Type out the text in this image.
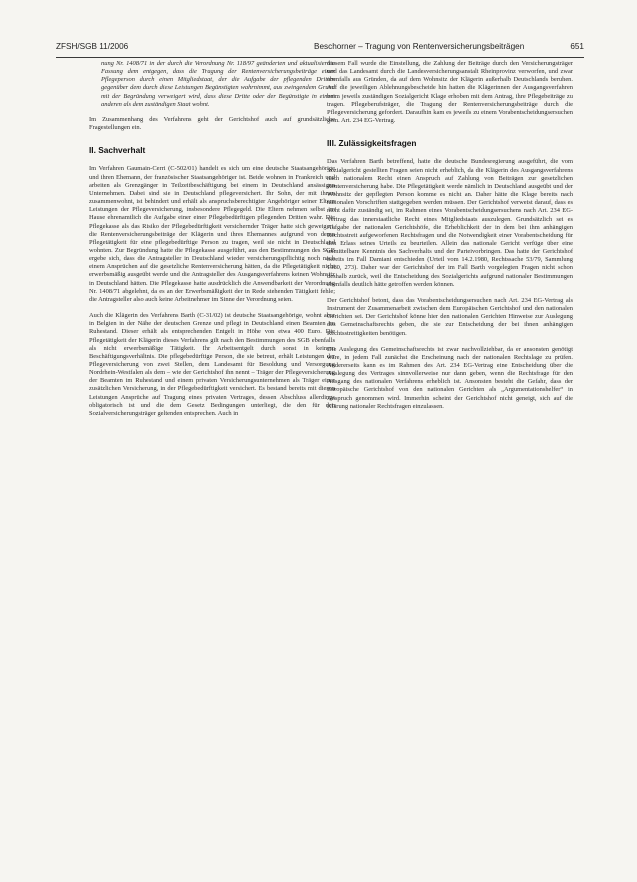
ZFSH/SGB 11/2006	Beschorner – Tragung von Rentenversicherungsbeiträgen	651

nung Nr. 1408/71 in der durch die Verordnung Nr. 118/97 geänderten und aktualisierten Fassung dem entgegen, dass die Tragung der Rentenversicherungsbeiträge einer Pflegeperson durch einen Mitgliedstaat, der die Aufgabe der pflegenden Dritten gegenüber dem durch diese Leistungen Begünstigten wahrnimmt, aus zwingendem Grund mit der Begründung verweigert wird, dass diese Dritte oder der Begünstigte in einem anderen als dem zuständigen Staat wohnt.

Im Zusammenhang des Verfahrens geht der Gerichtshof auch auf grundsätzliche Fragestellungen ein.

II. Sachverhalt

Im Verfahren Gaumain-Cerri (C-502/01) handelt es sich um eine deutsche Staatsangehörige und ihren Ehemann, der französischer Staatsangehöriger ist. Beide wohnen in Frankreich und arbeiten als Grenzgänger in Teilzeitbeschäftigung bei einem in Deutschland ansässigen Unternehmen. Dabei sind sie in Deutschland pflegeversichert. Ihr Sohn, der mit ihnen zusammenwohnt, ist behindert und erhält als anspruchsberechtigter Angehöriger seiner Eltern Leistungen der Pflegeversicherung, insbesondere Pflegegeld. Die Eltern nehmen selbst im Hause ehrenamtlich die Aufgabe einer einer Pflegebedürftigen pflegenden Dritten wahr. Die Pflegekasse als das Risiko der Pflegebedürftigkeit versichernder Träger hatte sich geweigert, die Rentenversicherungsbeiträge der Klägerin und ihres Ehemannes aufgrund von deren Pflegetätigkeit für eine pflegebedürftige Person zu tragen, weil sie nicht in Deutschland wohnten. Zur Begründung hatte die Pflegekasse ausgeführt, aus den Bestimmungen des SGB ergebe sich, dass die Antragsteller in Deutschland wieder versicherungspflichtig noch nach einem Ansprüchen auf die gesetzliche Rentenversicherung hätten, da die Pflegetätigkeit nicht erwerbsmäßig ausgeübt werde und die Antragsteller des Ausgangsverfahrens keinen Wohnsitz in Deutschland hätten. Die Pflegekasse hatte ausdrücklich die Anwendbarkeit der Verordnung Nr. 1408/71 abgelehnt, da es an der Erwerbsmäßigkeit der in Rede stehenden Tätigkeit fehle; die Antragsteller also auch keine Arbeitnehmer im Sinne der Verordnung seien.

Auch die Klägerin des Verfahrens Barth (C-31/02) ist deutsche Staatsangehörige, wohnt aber in Belgien in der Nähe der deutschen Grenze und pflegt in Deutschland einen Beamten im Ruhestand. Dieser erhält als entsprechenden Entgelt in Höhe von etwa 400 Euro. Die Pflegetätigkeit der Klägerin dieses Verfahrens gilt nach den Bestimmungen des SGB ebenfalls als nicht erwerbsmäßige Tätigkeit. Ihr Arbeitsentgelt durch sonst in keinem Beschäftigungsverhältnis. Die pflegebedürftige Person, die sie betreut, erhält Leistungen der Pflegeversicherung von zwei Stellen, dem Landesamt für Besoldung und Versorgung Nordrhein-Westfalen als dem – wie der Gerichtshof ihn nennt – Träger der Pflegeversicherung der Beamten im Ruhestand und einem privaten Versicherungsunternehmen als Träger einer zusätzlichen Versicherung, in der Pflegebedürftigkeit versichert. Es bestand bereits mit diesen Leistungen Ansprüche auf Tragung eines privaten Vertrages, dessen Abschluss allerdings obligatorisch ist und die dem Gesetz Bedingungen unterliegt, die den für den Sozialversicherungsträger geltenden entsprechen. Auch in

diesem Fall wurde die Einstellung, die Zahlung der Beiträge durch den Versicherungsträger und das Landesamt durch die Landesversicherungsanstalt Rheinprovinz verworfen, und zwar ebenfalls aus Gründen, da auf dem Wohnsitz der Klägerin außerhalb Deutschlands beruhen. Auf die jeweiligen Ablehnungsbescheide hin hatten die Klägerinnen der Ausgangsverfahren beim jeweils zuständigen Sozialgericht Klage erhoben mit dem Antrag, ihre Pflegebeiträge zu tragen. Pflegeberufsträger, die Tragung der Rentenversicherungsbeiträge durch die Pflegeversicherung gefordert. Daraufhin kam es jeweils zu einem Vorabentscheidungsersuchen gem. Art. 234 EG-Vertrag.

III. Zulässigkeitsfragen

Das Verfahren Barth betreffend, hatte die deutsche Bundesregierung ausgeführt, die vom Sozialgericht gestellten Fragen seien nicht erheblich, da die Klägerin des Ausgangsverfahrens nach nationalem Recht einen Anspruch auf Zahlung von Beiträgen zur gesetzlichen Rentenversicherung habe. Die Pflegetätigkeit werde nämlich in Deutschland ausgeübt und der Wohnsitz der gepflegten Person komme es nicht an. Daher hätte die Klage bereits nach nationalen Vorschriften stattgegeben werden müssen. Der Gerichtshof verweist darauf, dass es nicht dafür zuständig sei, im Rahmen eines Vorabentscheidungsersuchens nach Art. 234 EG-Vertrag das innerstaatliche Recht eines Mitgliedstaats auszulegen. Grundsätzlich sei es Aufgabe der nationalen Gerichtshöfe, die Erheblichkeit der in dem bei ihm anhängigen Rechtsstreit aufgeworfenen Rechtsfragen und die Notwendigkeit einer Vorabentscheidung für den Erlass seines Urteils zu beurteilen. Allein das nationale Gericht verfüge über eine unmittelbare Kenntnis des Sachverhalts und der Parteivorbringen. Das hatte der Gerichtshof bereits im Fall Damiani entschieden (Urteil vom 14.2.1980, Rechtssache 53/79, Sammlung 1980, 273). Daher war der Gerichtshof der im Fall Barth vorgelegten Fragen nicht schon deshalb zurück, weil die Entscheidung des Sozialgerichts aufgrund nationaler Bestimmungen ebenfalls deutlich hätte getroffen werden können.

Der Gerichtshof betont, dass das Vorabentscheidungsersuchen nach Art. 234 EG-Vertrag als Instrument der Zusammenarbeit zwischen dem Europäischen Gerichtshof und den nationalen Gerichten sei. Der Gerichtshof könne hier den nationalen Gerichten Hinweise zur Auslegung des Gemeinschaftsrechts geben, die sie zur Entscheidung der bei ihnen anhängigen Rechtsstreitigkeiten benötigen.

Die Auslegung des Gemeinschaftsrechts ist zwar nachvollziehbar, da er ansonsten genötigt wäre, in jedem Fall zunächst die Erscheinung nach der nationalen Rechtslage zu prüfen. Andererseits kann es im Rahmen des Art. 234 EG-Vertrag eine Entscheidung über die Auslegung des Vertrages sinnvollerweise nur dann geben, wenn die Rechtsfrage für den Ausgang des nationalen Verfahrens erheblich ist. Ansonsten besteht die Gefahr, dass der Europäische Gerichtshof von den nationalen Gerichten als „Argumentationshelfer“ in Anspruch genommen wird. Immerhin scheint der Gerichtshof nicht geneigt, sich auf die Klärung nationaler Rechtsfragen einzulassen.
